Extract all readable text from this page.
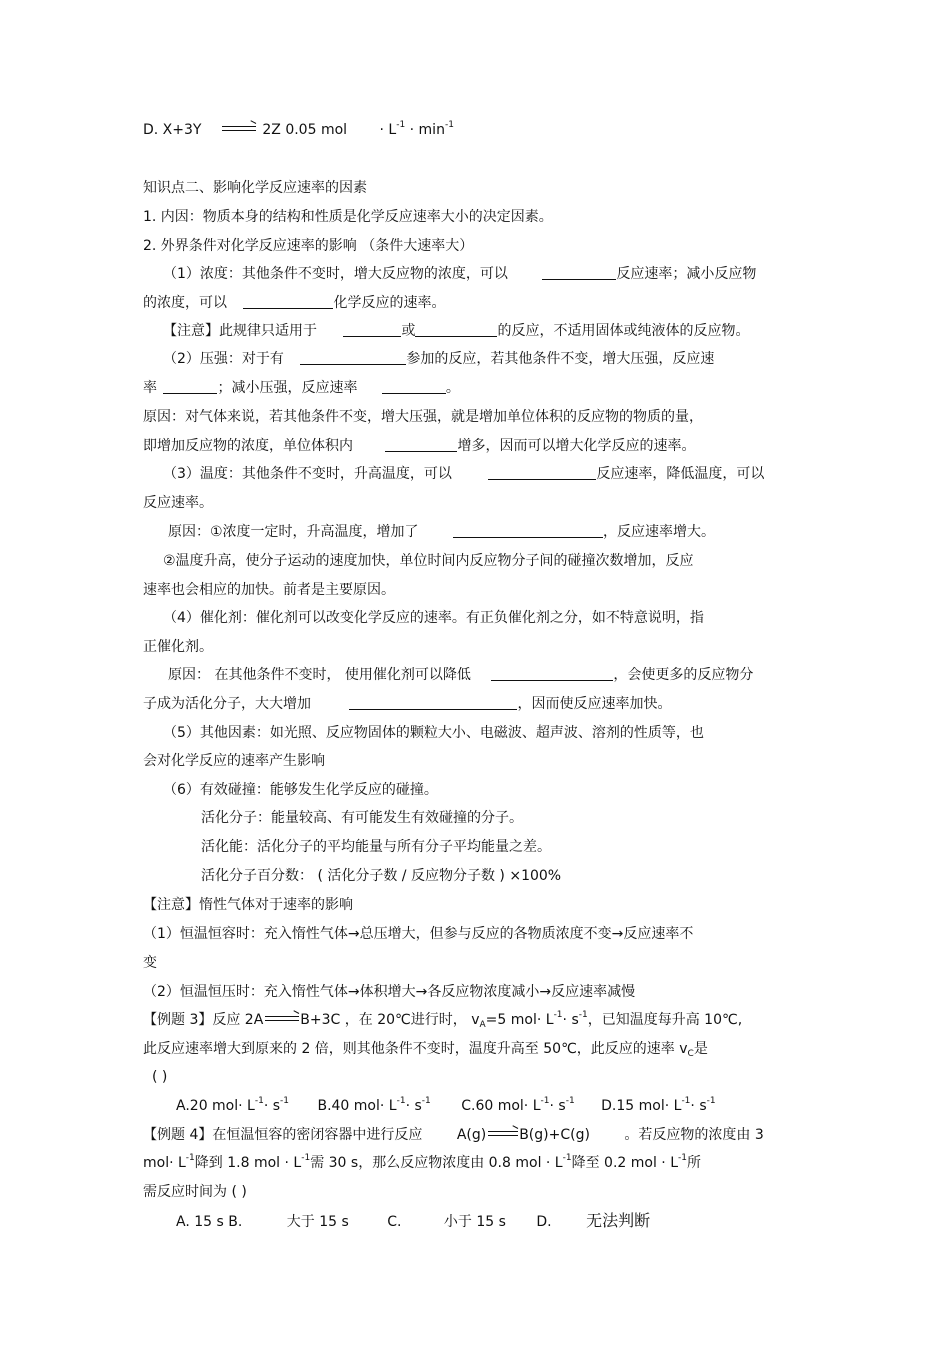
D. X+3Y → 2Z 0.05 mol · $L^{-1} \cdot \min^{-1}$
知识点二、影响化学反应速率的因素
1. 内因：物质本身的结构和性质是化学反应速率大小的决定因素。
2. 外界条件对化学反应速率的影响 （条件大速率大）
（1）浓度：其他条件不变时，增大反应物的浓度，可以	反应速率；减小反应物
的浓度，可以	化学反应的速率。
【注意】此规律只适用于	或	的反应，不适用固体或纯液体的反应物。
（2）压强：对于有	参加的反应，若其他条件不变，增大压强，反应速
率	；减小压强，反应速率	。
原因：对气体来说，若其他条件不变，增大压强，就是增加单位体积的反应物的物质的量，
即增加反应物的浓度，单位体积内	增多，因而可以增大化学反应的速率。
（3）温度：其他条件不变时，升高温度，可以	反应速率，降低温度，可以
反应速率。
原因：①浓度一定时，升高温度，增加了	，反应速率增大。
②温度升高，使分子运动的速度加快，单位时间内反应物分子间的碰撞次数增加，反应
速率也会相应的加快。前者是主要原因。
（4）催化剂：催化剂可以改变化学反应的速率。有正负催化剂之分，如不特意说明，指
正催化剂。
原因： 在其他条件不变时， 使用催化剂可以降低	，会使更多的反应物分
子成为活化分子，大大增加	，因而使反应速率加快。
（5）其他因素：如光照、反应物固体的颗粒大小、电磁波、超声波、溶剂的性质等，也
会对化学反应的速率产生影响
（6）有效碰撞：能够发生化学反应的碰撞。
活化分子：能量较高、有可能发生有效碰撞的分子。
活化能：活化分子的平均能量与所有分子平均能量之差。
活化分子百分数： ( 活化分子数 / 反应物分子数 ) ×100%
【注意】惰性气体对于速率的影响
（1）恒温恒容时：充入惰性气体→总压增大，但参与反应的各物质浓度不变→反应速率不
变
（2）恒温恒压时：充入惰性气体→体积增大→各反应物浓度减小→反应速率减慢
【例题 3】反应 2A →B+3C ，在 20℃进行时， $v_A=5$ $mol\cdot L^{-1}\cdot s^{-1}$，已知温度每升高 10℃,
此反应速率增大到原来的 2 倍，则其他条件不变时，温度升高至 50℃，此反应的速率 $v_C$是
( )
A.20 $mol\cdot L^{-1}\cdot s^{-1}$ B.40 $mol\cdot L^{-1}\cdot s^{-1}$ C.60 $mol\cdot L^{-1}\cdot s^{-1}$ D.15 $mol\cdot L^{-1}\cdot s^{-1}$
【例题 4】在恒温恒容的密闭容器中进行反应 A(g) →B(g)+C(g) 。若反应物的浓度由 3
$mol\cdot L^{-1}$降到 1.8 mol · $L^{-1}$需 30 s，那么反应物浓度由 0.8 mol · $L^{-1}$降至 0.2 mol · $L^{-1}$所
需反应时间为 ( )
A. 15 s B.	大于 15 s	C.	小于 15 s D. 无法判断
